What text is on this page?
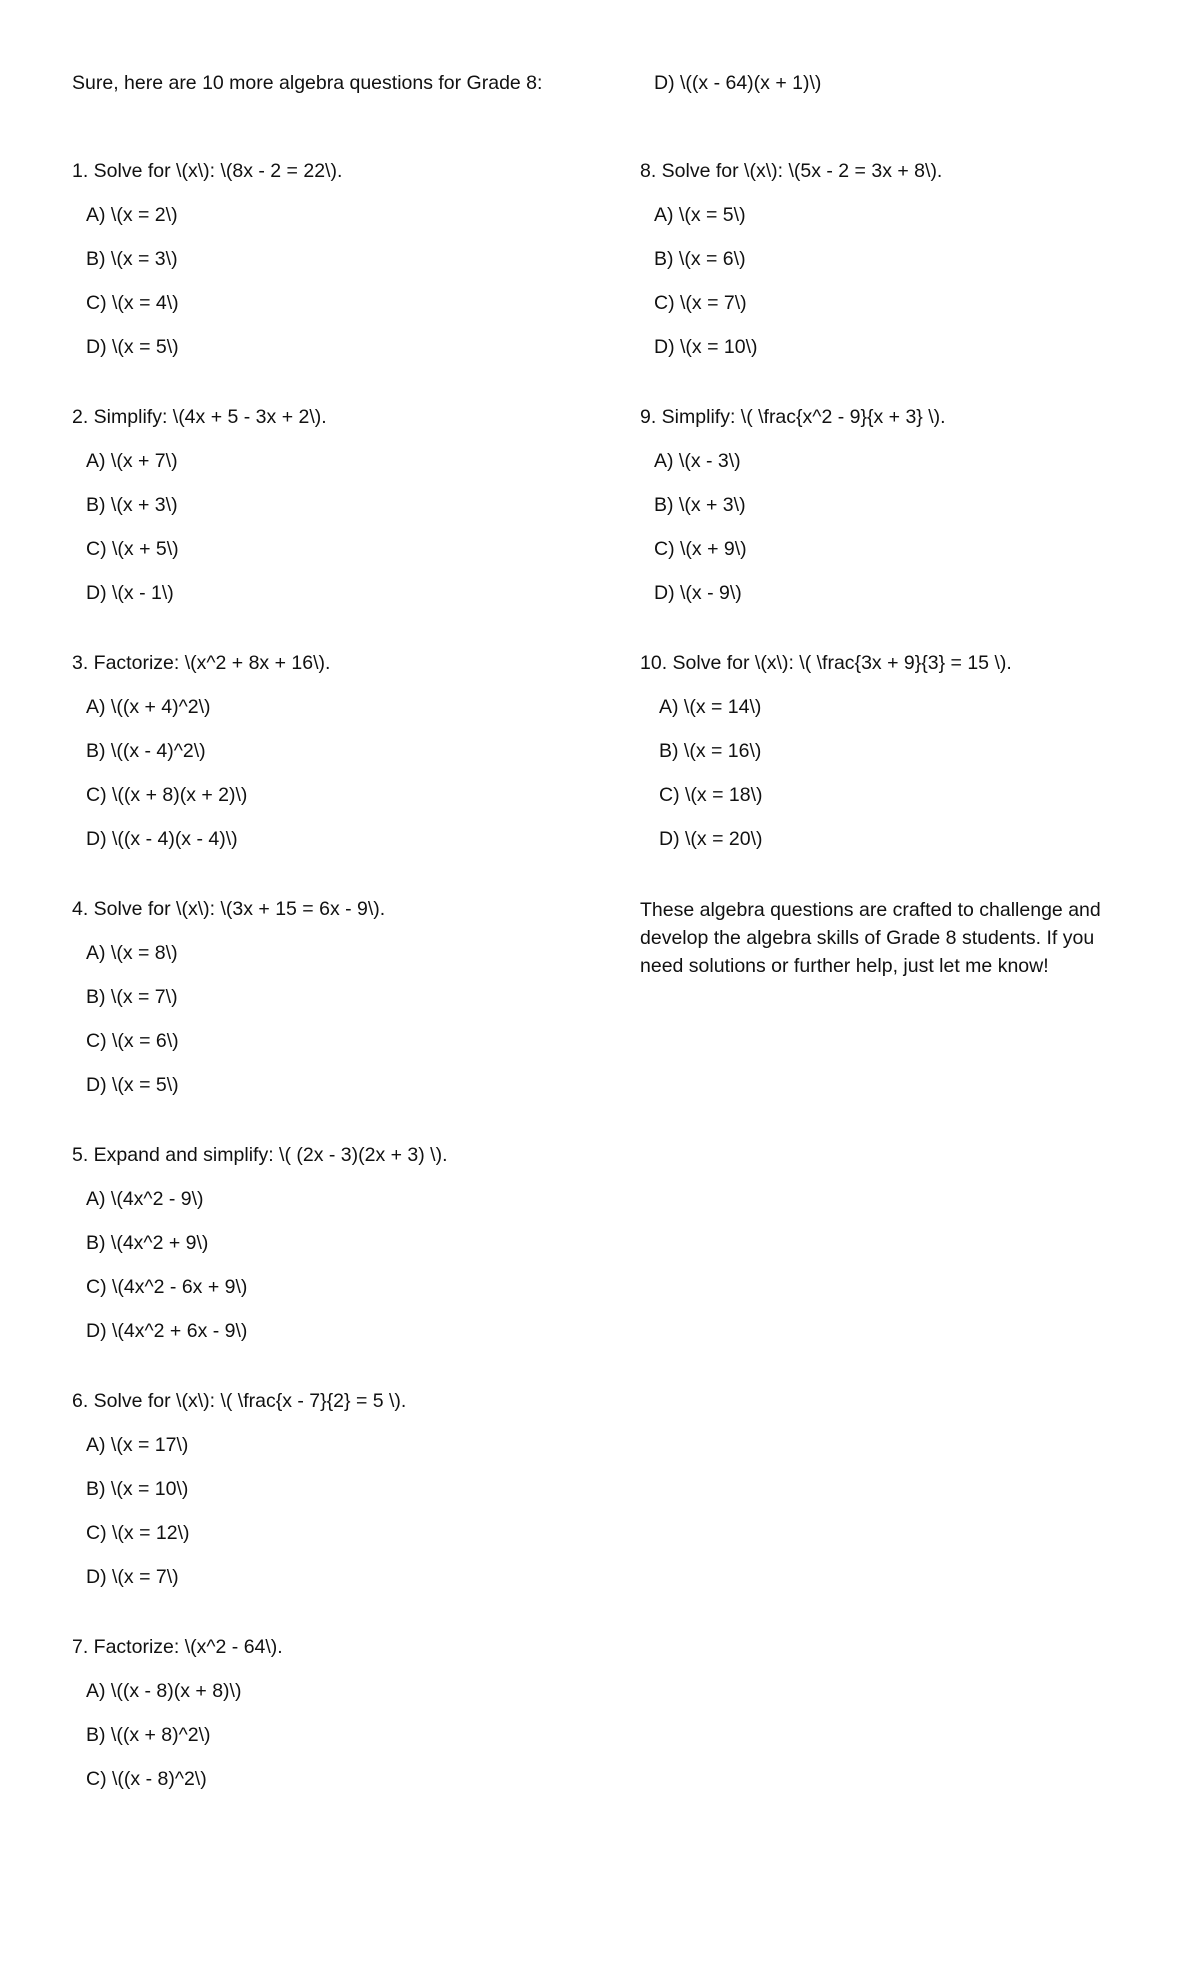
Sure, here are 10 more algebra questions for Grade 8:
1. Solve for \(x\): \(8x - 2 = 22\).
A) \(x = 2\)
B) \(x = 3\)
C) \(x = 4\)
D) \(x = 5\)
2. Simplify: \(4x + 5 - 3x + 2\).
A) \(x + 7\)
B) \(x + 3\)
C) \(x + 5\)
D) \(x - 1\)
3. Factorize: \(x^2 + 8x + 16\).
A) \((x + 4)^2\)
B) \((x - 4)^2\)
C) \((x + 8)(x + 2)\)
D) \((x - 4)(x - 4)\)
4. Solve for \(x\): \(3x + 15 = 6x - 9\).
A) \(x = 8\)
B) \(x = 7\)
C) \(x = 6\)
D) \(x = 5\)
5. Expand and simplify: \( (2x - 3)(2x + 3) \).
A) \(4x^2 - 9\)
B) \(4x^2 + 9\)
C) \(4x^2 - 6x + 9\)
D) \(4x^2 + 6x - 9\)
6. Solve for \(x\): \( \frac{x - 7}{2} = 5 \).
A) \(x = 17\)
B) \(x = 10\)
C) \(x = 12\)
D) \(x = 7\)
7. Factorize: \(x^2 - 64\).
A) \((x - 8)(x + 8)\)
B) \((x + 8)^2\)
C) \((x - 8)^2\)
D) \((x - 64)(x + 1)\)
8. Solve for \(x\): \(5x - 2 = 3x + 8\).
A) \(x = 5\)
B) \(x = 6\)
C) \(x = 7\)
D) \(x = 10\)
9. Simplify: \( \frac{x^2 - 9}{x + 3} \).
A) \(x - 3\)
B) \(x + 3\)
C) \(x + 9\)
D) \(x - 9\)
10. Solve for \(x\): \( \frac{3x + 9}{3} = 15 \).
A) \(x = 14\)
B) \(x = 16\)
C) \(x = 18\)
D) \(x = 20\)
These algebra questions are crafted to challenge and develop the algebra skills of Grade 8 students. If you need solutions or further help, just let me know!
